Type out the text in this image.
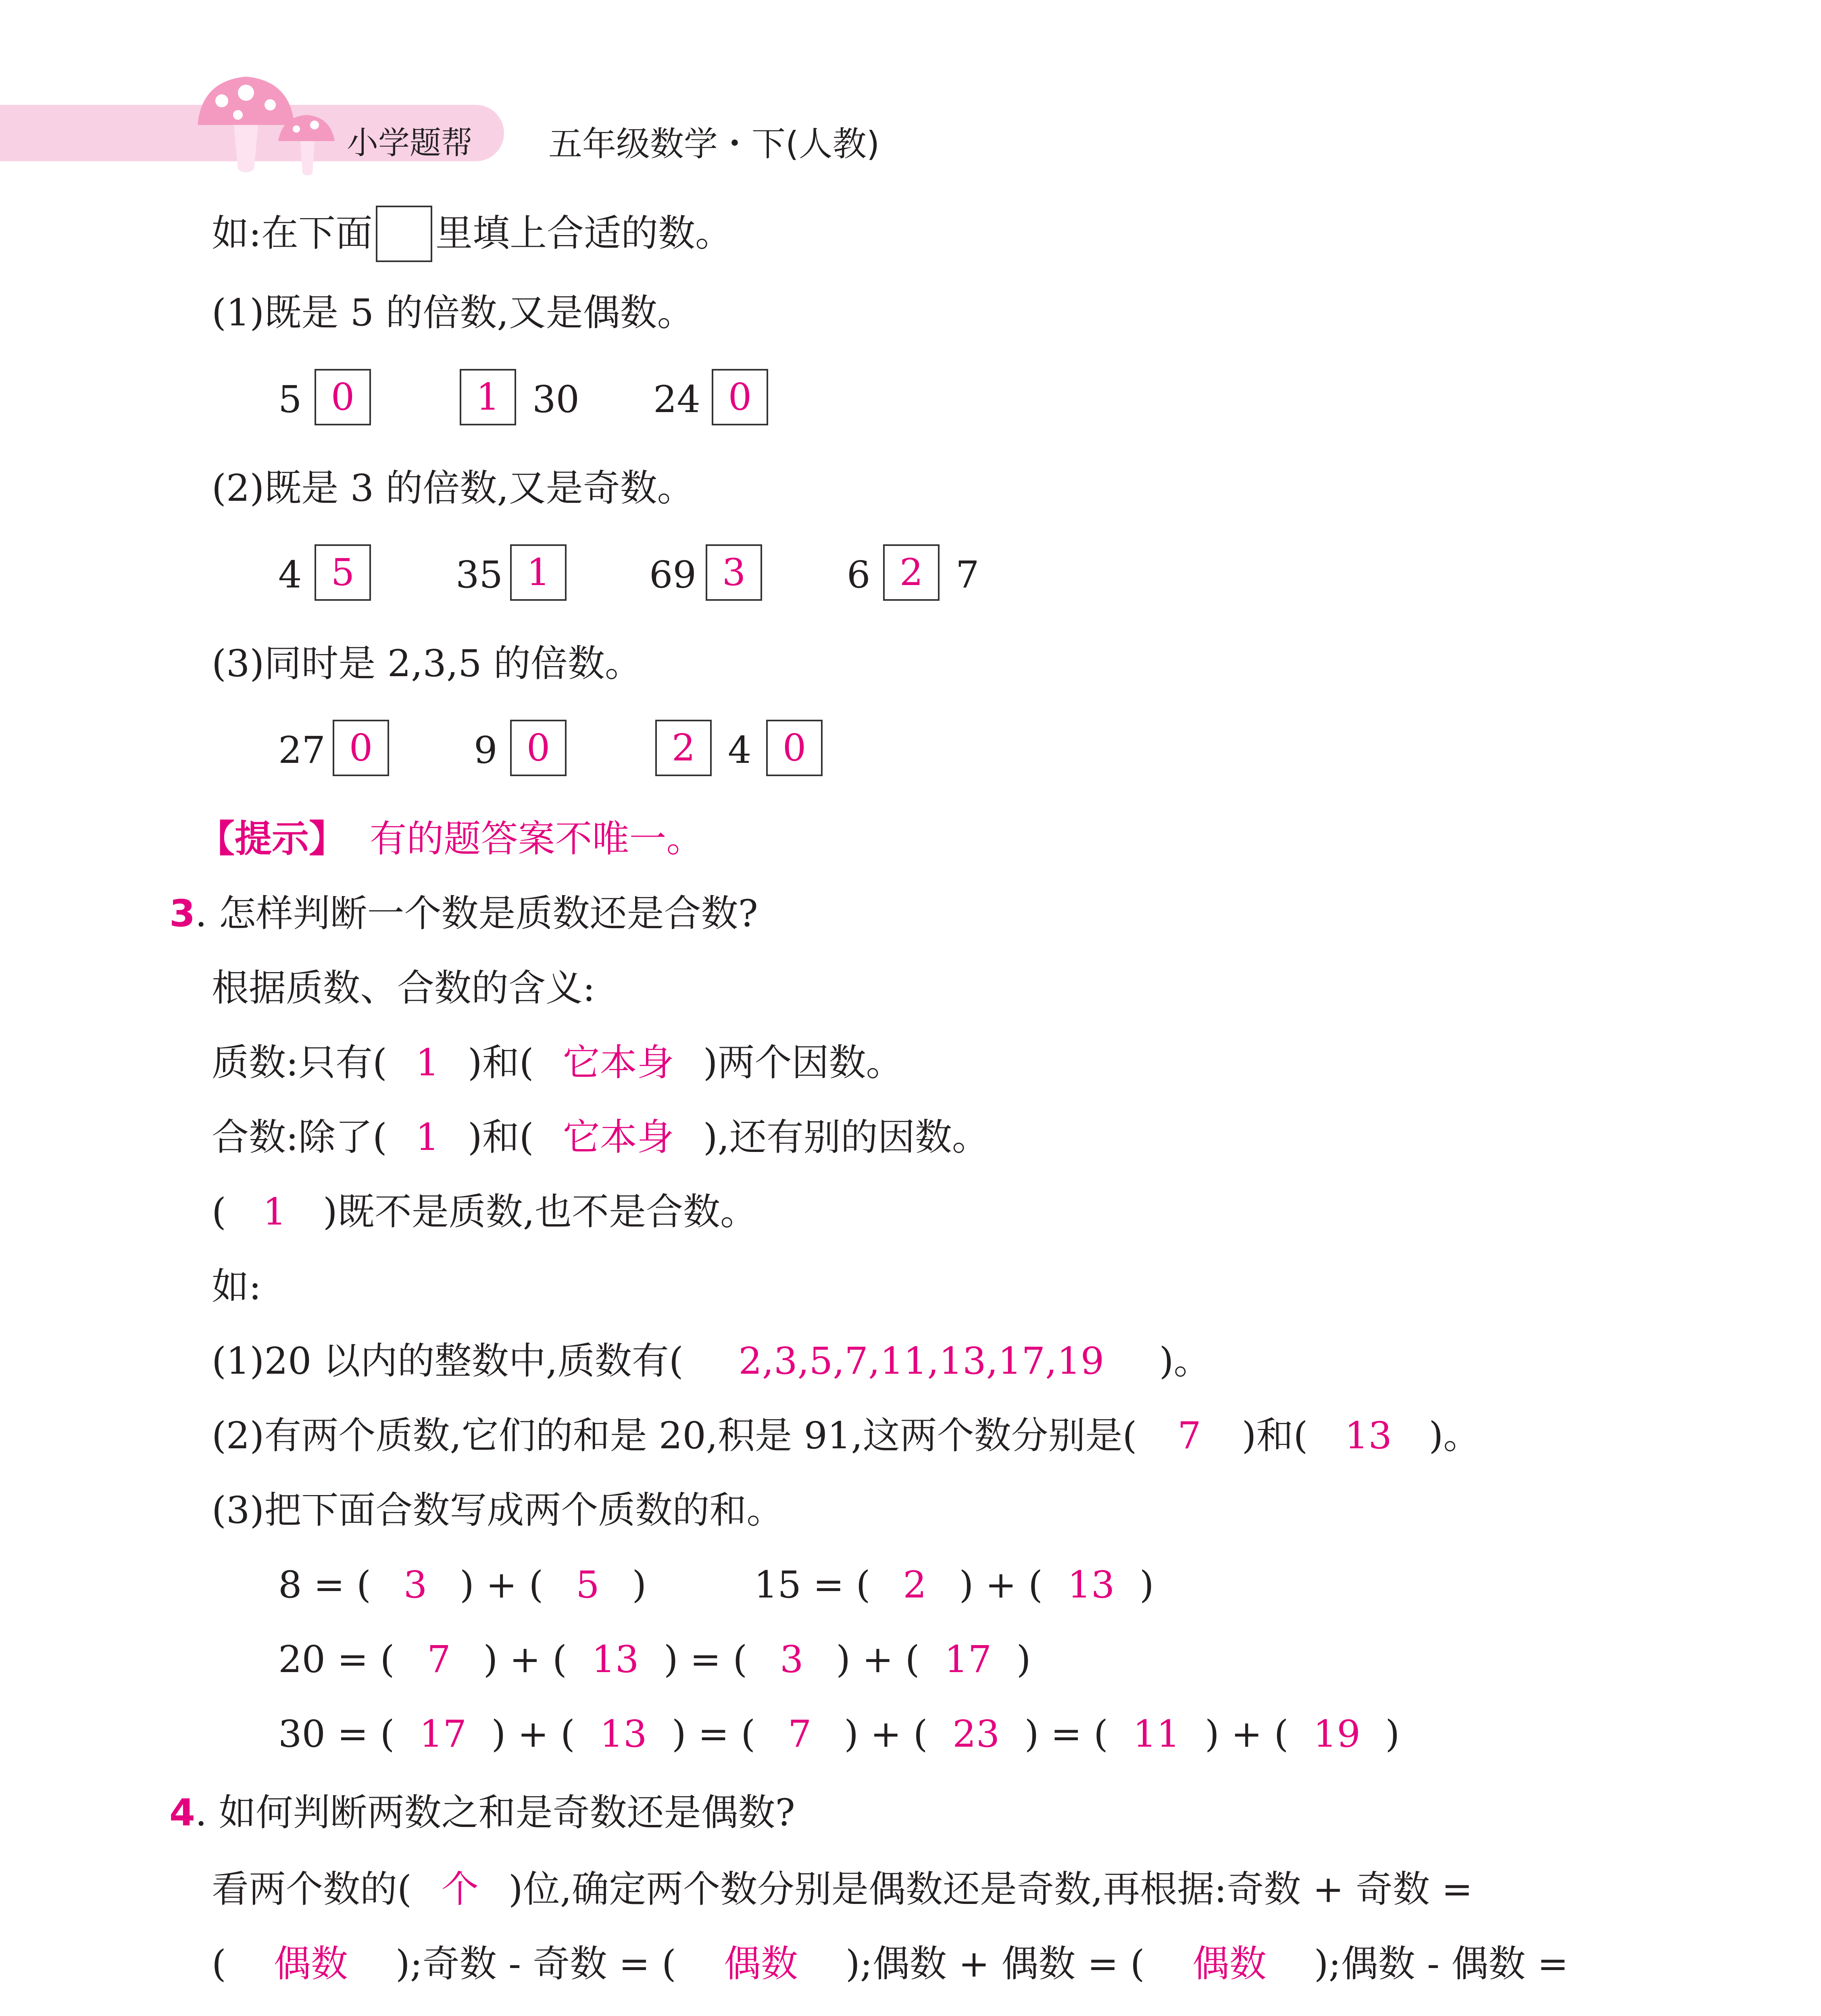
小学题帮 五年级数学・下(人教)
如:在下面 里填上合适的数。
(1)既是 5 的倍数,又是偶数。
5 0	1 30 24 0
(2)既是 3 的倍数,又是奇数。
4 5	35 1	69 3	6 2 7
(3)同时是 2,3,5 的倍数。
27 0	9 0	2 4 0
【提示】 有的题答案不唯一。
3. 怎样判断一个数是质数还是合数?
根据质数、合数的含义:
质数:只有( 1 )和( 它本身 )两个因数。
合数:除了( 1 )和( 它本身 ),还有别的因数。
( 1 )既不是质数,也不是合数。
如:
(1)20 以内的整数中,质数有( 2,3,5,7,11,13,17,19 )。
(2)有两个质数,它们的和是 20,积是 91,这两个数分别是( 7 )和( 13 )。
(3)把下面合数写成两个质数的和。
8 = ( 3 ) + ( 5 )	15 = ( 2 ) + ( 13 )
20 = ( 7 ) + ( 13 ) = ( 3 ) + ( 17 )
30 = ( 17 ) + ( 13 ) = ( 7 ) + ( 23 ) = ( 11 ) + ( 19 )
4. 如何判断两数之和是奇数还是偶数?
看两个数的( 个 )位,确定两个数分别是偶数还是奇数,再根据:奇数 + 奇数 =
( 偶数 );奇数 - 奇数 = ( 偶数 );偶数 + 偶数 = ( 偶数 );偶数 - 偶数 =
